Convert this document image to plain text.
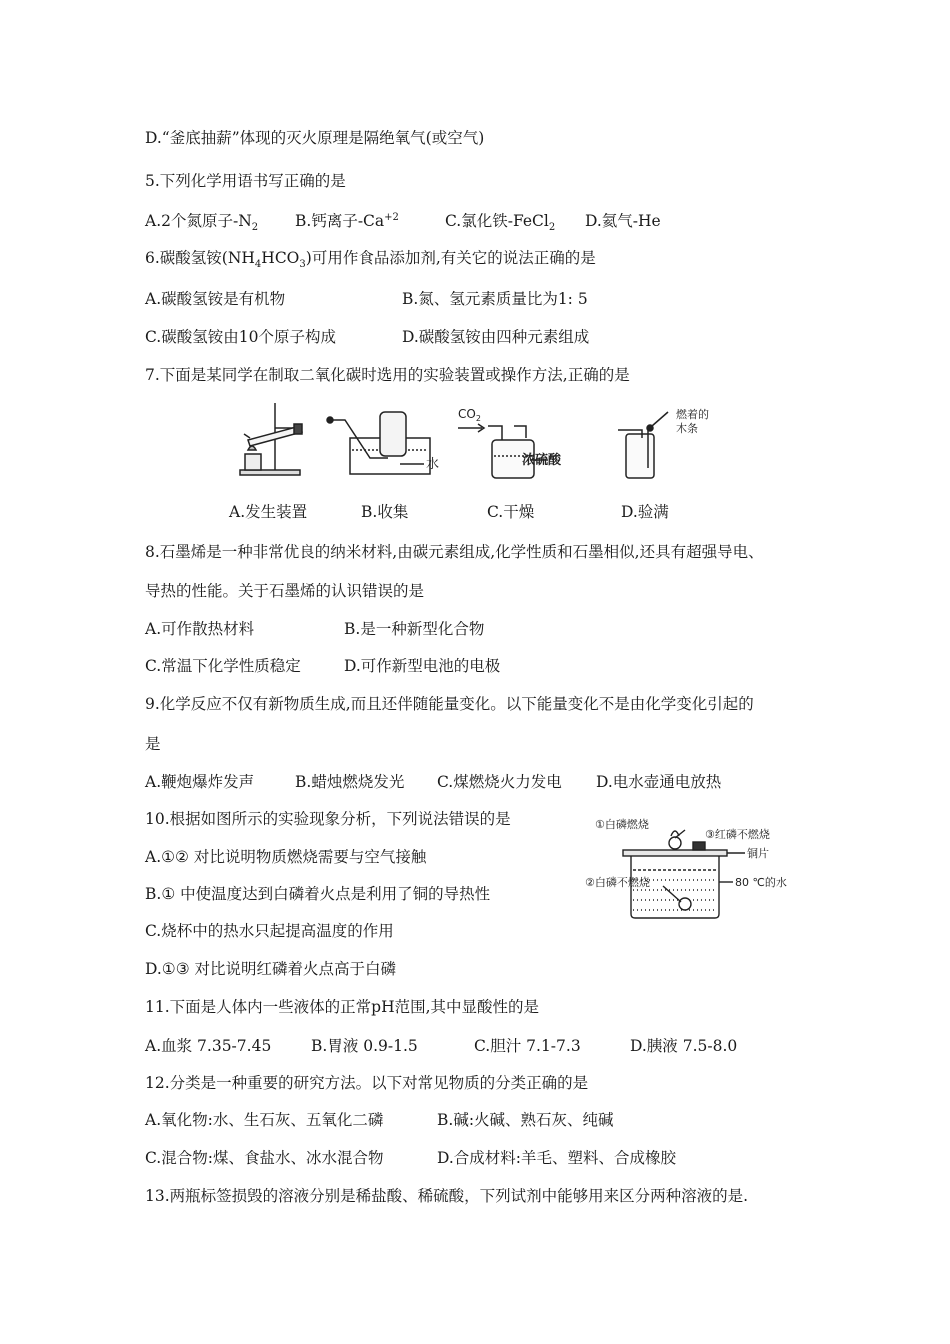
D.“釜底抽薪”体现的灭火原理是隔绝氧气(或空气)
5.下列化学用语书写正确的是
A.2个氮原子$-N_2$ B.钙离子$-Ca^{+2}$	C.氯化铁-FeCl$_2$ D.氦气-He
6.碳酸氢铵$(NH_4HCO_3)$可用作食品添加剂,有关它的说法正确的是
A.碳酸氢铵是有机物	B.氮、氢元素质量比为1: 5
C.碳酸氢铵由10个原子构成	D.碳酸氢铵由四种元素组成
7.下面是某同学在制取二氧化碳时选用的实验装置或操作方法,正确的是
水
$CO_2$
浓硫酸
燃着的
木条
A.发生装置	B.收集	C.干燥	D.验满
8.石墨烯是一种非常优良的纳米材料,由碳元素组成,化学性质和石墨相似,还具有超强导电、
导热的性能。关于石墨烯的认识错误的是
A.可作散热材料	B.是一种新型化合物
C.常温下化学性质稳定	D.可作新型电池的电极
9.化学反应不仅有新物质生成,而且还伴随能量变化。以下能量变化不是由化学变化引起的
是
A.鞭炮爆炸发声	B.蜡烛燃烧发光 C.煤燃烧火力发电 D.电水壶通电放热
10.根据如图所示的实验现象分析，下列说法错误的是
A.①② 对比说明物质燃烧需要与空气接触
B.① 中使温度达到白磷着火点是利用了铜的导热性
C.烧杯中的热水只起提高温度的作用
D.①③ 对比说明红磷着火点高于白磷
①白磷燃烧
③红磷不燃烧
铜片
②白磷不燃烧	80 ℃的水
11.下面是人体内一些液体的正常pH范围,其中显酸性的是
A.血浆 7.35-7.45	B.胃液 0.9-1.5	C.胆汁 7.1-7.3	D.胰液 7.5-8.0
12.分类是一种重要的研究方法。以下对常见物质的分类正确的是
A.氧化物:水、生石灰、五氧化二磷	B.碱:火碱、熟石灰、纯碱
C.混合物:煤、食盐水、冰水混合物	D.合成材料:羊毛、塑料、合成橡胶
13.两瓶标签损毁的溶液分别是稀盐酸、稀硫酸，下列试剂中能够用来区分两种溶液的是.
